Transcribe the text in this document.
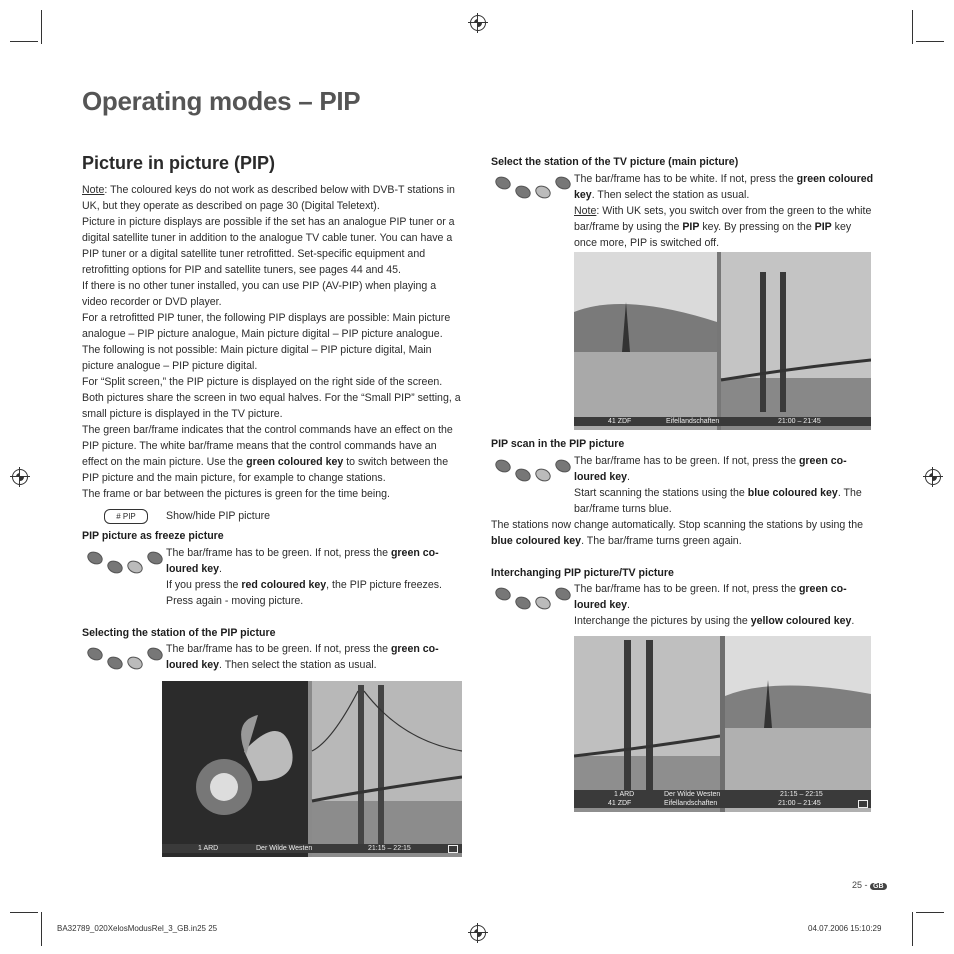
Operating modes – PIP
Picture in picture (PIP)

Note: The coloured keys do not work as described below with DVB-T stations in UK, but they operate as described on page 30 (Digital Teletext).

Picture in picture displays are possible if the set has an analogue PIP tuner or a digital satellite tuner in addition to the analogue TV cable tuner. You can have a PIP tuner or a digital satellite tuner retrofitted. Set-specific equipment and retrofitting options for PIP and satellite tuners, see pages 44 and 45.

If there is no other tuner installed, you can use PIP (AV-PIP) when playing a video recorder or DVD player.

For a retrofitted PIP tuner, the following PIP displays are possible: Main picture analogue – PIP picture analogue, Main picture digital – PIP picture analogue.

The following is not possible: Main picture digital – PIP picture digital, Main picture analogue – PIP picture digital.

For “Split screen,” the PIP picture is displayed on the right side of the screen. Both pictures share the screen in two equal halves. For the “Small PIP” setting, a small picture is displayed in the TV picture.

The green bar/frame indicates that the control commands have an effect on the PIP picture. The white bar/frame means that the control commands have an effect on the main picture. Use the green coloured key to switch between the PIP picture and the main picture, for example to change stations.

The frame or bar between the pictures is green for the time being.

# PIP	Show/hide PIP picture
PIP picture as freeze picture

The bar/frame has to be green. If not, press the green co-loured key.

If you press the red coloured key, the PIP picture freezes. Press again - moving picture.

Selecting the station of the PIP picture

The bar/frame has to be green. If not, press the green co-loured key. Then select the station as usual.

1 ARD	Der Wilde Westen	21:15 – 22:15
Select the station of the TV picture (main picture)

The bar/frame has to be white. If not, press the green coloured key. Then select the station as usual.

Note: With UK sets, you switch over from the green to the white bar/frame by using the PIP key. By pressing on the PIP key once more, PIP is switched off.

41 ZDF	Eifellandschaften	21:00 – 21:45
PIP scan in the PIP picture

The bar/frame has to be green. If not, press the green co-loured key.

Start scanning the stations using the blue coloured key. The bar/frame turns blue.

The stations now change automatically. Stop scanning the stations by using the blue coloured key. The bar/frame turns green again.

Interchanging PIP picture/TV picture

The bar/frame has to be green. If not, press the green co-loured key.

Interchange the pictures by using the yellow coloured key.

1 ARD	Der Wilde Westen	21:15 – 22:15
41 ZDF	Eifellandschaften	21:00 – 21:45
25 - GB
BA32789_020XelosModusRel_3_GB.in25 25	04.07.2006 15:10:29
